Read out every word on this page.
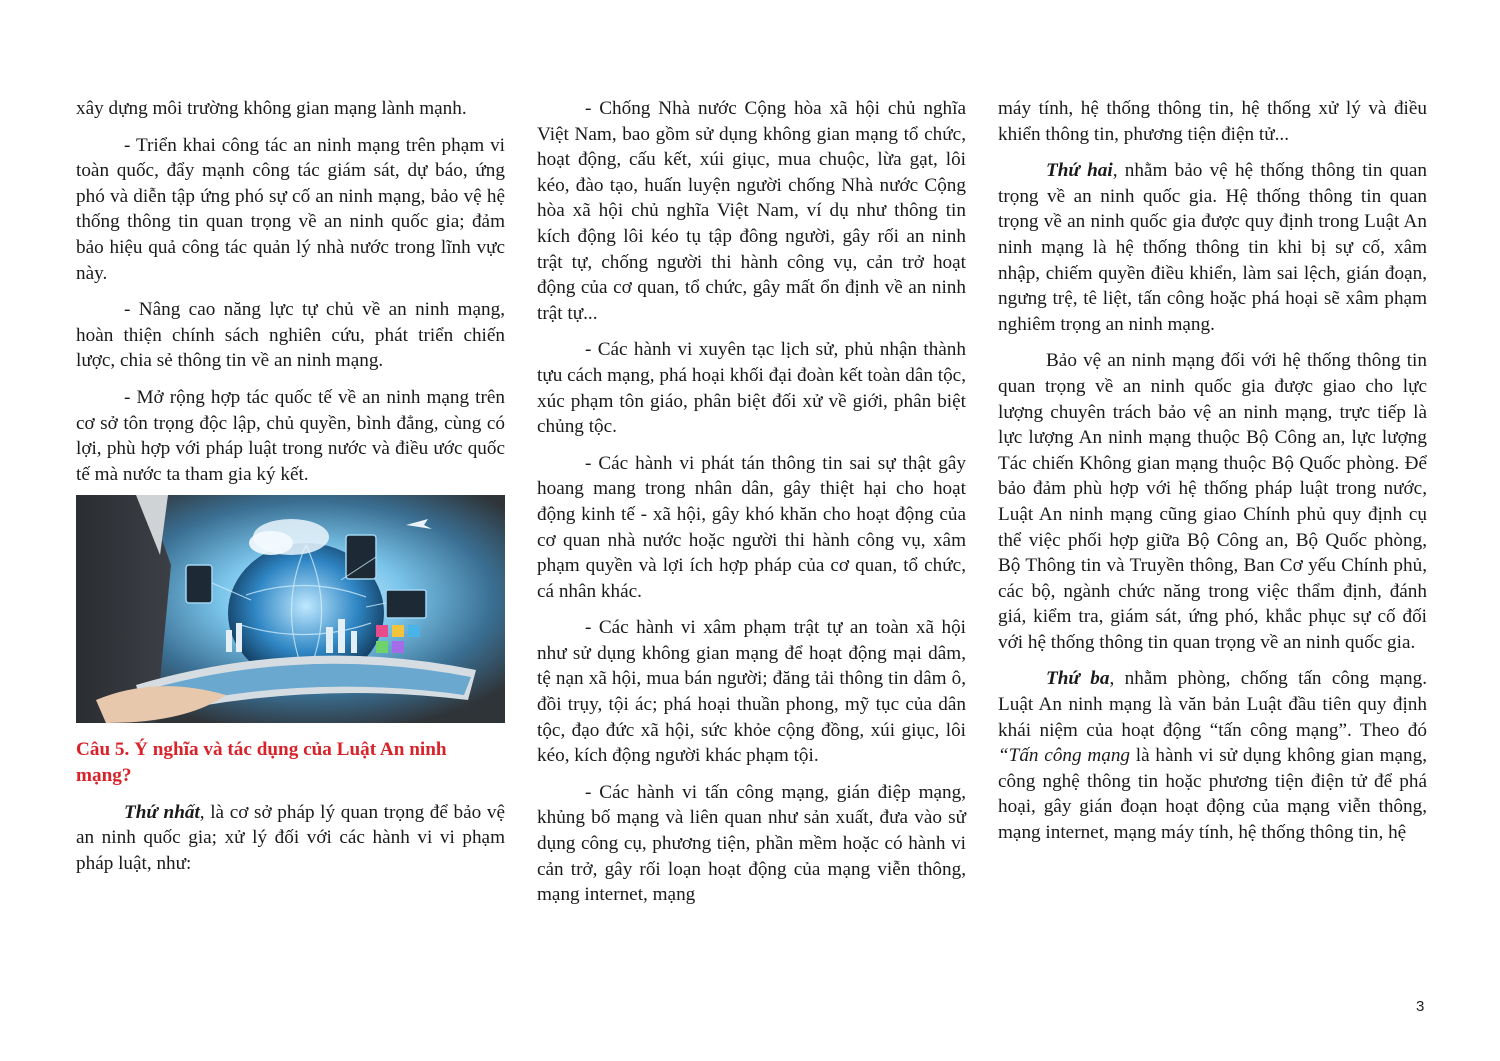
xây dựng môi trường không gian mạng lành mạnh.

- Triển khai công tác an ninh mạng trên phạm vi toàn quốc, đẩy mạnh công tác giám sát, dự báo, ứng phó và diễn tập ứng phó sự cố an ninh mạng, bảo vệ hệ thống thông tin quan trọng về an ninh quốc gia; đảm bảo hiệu quả công tác quản lý nhà nước trong lĩnh vực này.

- Nâng cao năng lực tự chủ về an ninh mạng, hoàn thiện chính sách nghiên cứu, phát triển chiến lược, chia sẻ thông tin về an ninh mạng.

- Mở rộng hợp tác quốc tế về an ninh mạng trên cơ sở tôn trọng độc lập, chủ quyền, bình đẳng, cùng có lợi, phù hợp với pháp luật trong nước và điều ước quốc tế mà nước ta tham gia ký kết.

Câu 5. Ý nghĩa và tác dụng của Luật An ninh mạng?

Thứ nhất, là cơ sở pháp lý quan trọng để bảo vệ an ninh quốc gia; xử lý đối với các hành vi vi phạm pháp luật, như:

- Chống Nhà nước Cộng hòa xã hội chủ nghĩa Việt Nam, bao gồm sử dụng không gian mạng tổ chức, hoạt động, cấu kết, xúi giục, mua chuộc, lừa gạt, lôi kéo, đào tạo, huấn luyện người chống Nhà nước Cộng hòa xã hội chủ nghĩa Việt Nam, ví dụ như thông tin kích động lôi kéo tụ tập đông người, gây rối an ninh trật tự, chống người thi hành công vụ, cản trở hoạt động của cơ quan, tổ chức, gây mất ổn định về an ninh trật tự...

- Các hành vi xuyên tạc lịch sử, phủ nhận thành tựu cách mạng, phá hoại khối đại đoàn kết toàn dân tộc, xúc phạm tôn giáo, phân biệt đối xử về giới, phân biệt chủng tộc.

- Các hành vi phát tán thông tin sai sự thật gây hoang mang trong nhân dân, gây thiệt hại cho hoạt động kinh tế - xã hội, gây khó khăn cho hoạt động của cơ quan nhà nước hoặc người thi hành công vụ, xâm phạm quyền và lợi ích hợp pháp của cơ quan, tổ chức, cá nhân khác.

- Các hành vi xâm phạm trật tự an toàn xã hội như sử dụng không gian mạng để hoạt động mại dâm, tệ nạn xã hội, mua bán người; đăng tải thông tin dâm ô, đồi trụy, tội ác; phá hoại thuần phong, mỹ tục của dân tộc, đạo đức xã hội, sức khỏe cộng đồng, xúi giục, lôi kéo, kích động người khác phạm tội.

- Các hành vi tấn công mạng, gián điệp mạng, khủng bố mạng và liên quan như sản xuất, đưa vào sử dụng công cụ, phương tiện, phần mềm hoặc có hành vi cản trở, gây rối loạn hoạt động của mạng viễn thông, mạng internet, mạng

máy tính, hệ thống thông tin, hệ thống xử lý và điều khiển thông tin, phương tiện điện tử...

Thứ hai, nhằm bảo vệ hệ thống thông tin quan trọng về an ninh quốc gia. Hệ thống thông tin quan trọng về an ninh quốc gia được quy định trong Luật An ninh mạng là hệ thống thông tin khi bị sự cố, xâm nhập, chiếm quyền điều khiển, làm sai lệch, gián đoạn, ngưng trệ, tê liệt, tấn công hoặc phá hoại sẽ xâm phạm nghiêm trọng an ninh mạng.

Bảo vệ an ninh mạng đối với hệ thống thông tin quan trọng về an ninh quốc gia được giao cho lực lượng chuyên trách bảo vệ an ninh mạng, trực tiếp là lực lượng An ninh mạng thuộc Bộ Công an, lực lượng Tác chiến Không gian mạng thuộc Bộ Quốc phòng. Để bảo đảm phù hợp với hệ thống pháp luật trong nước, Luật An ninh mạng cũng giao Chính phủ quy định cụ thể việc phối hợp giữa Bộ Công an, Bộ Quốc phòng, Bộ Thông tin và Truyền thông, Ban Cơ yếu Chính phủ, các bộ, ngành chức năng trong việc thẩm định, đánh giá, kiểm tra, giám sát, ứng phó, khắc phục sự cố đối với hệ thống thông tin quan trọng về an ninh quốc gia.

Thứ ba, nhằm phòng, chống tấn công mạng. Luật An ninh mạng là văn bản Luật đầu tiên quy định khái niệm của hoạt động “tấn công mạng”. Theo đó “Tấn công mạng là hành vi sử dụng không gian mạng, công nghệ thông tin hoặc phương tiện điện tử để phá hoại, gây gián đoạn hoạt động của mạng viễn thông, mạng internet, mạng máy tính, hệ thống thông tin, hệ

3
